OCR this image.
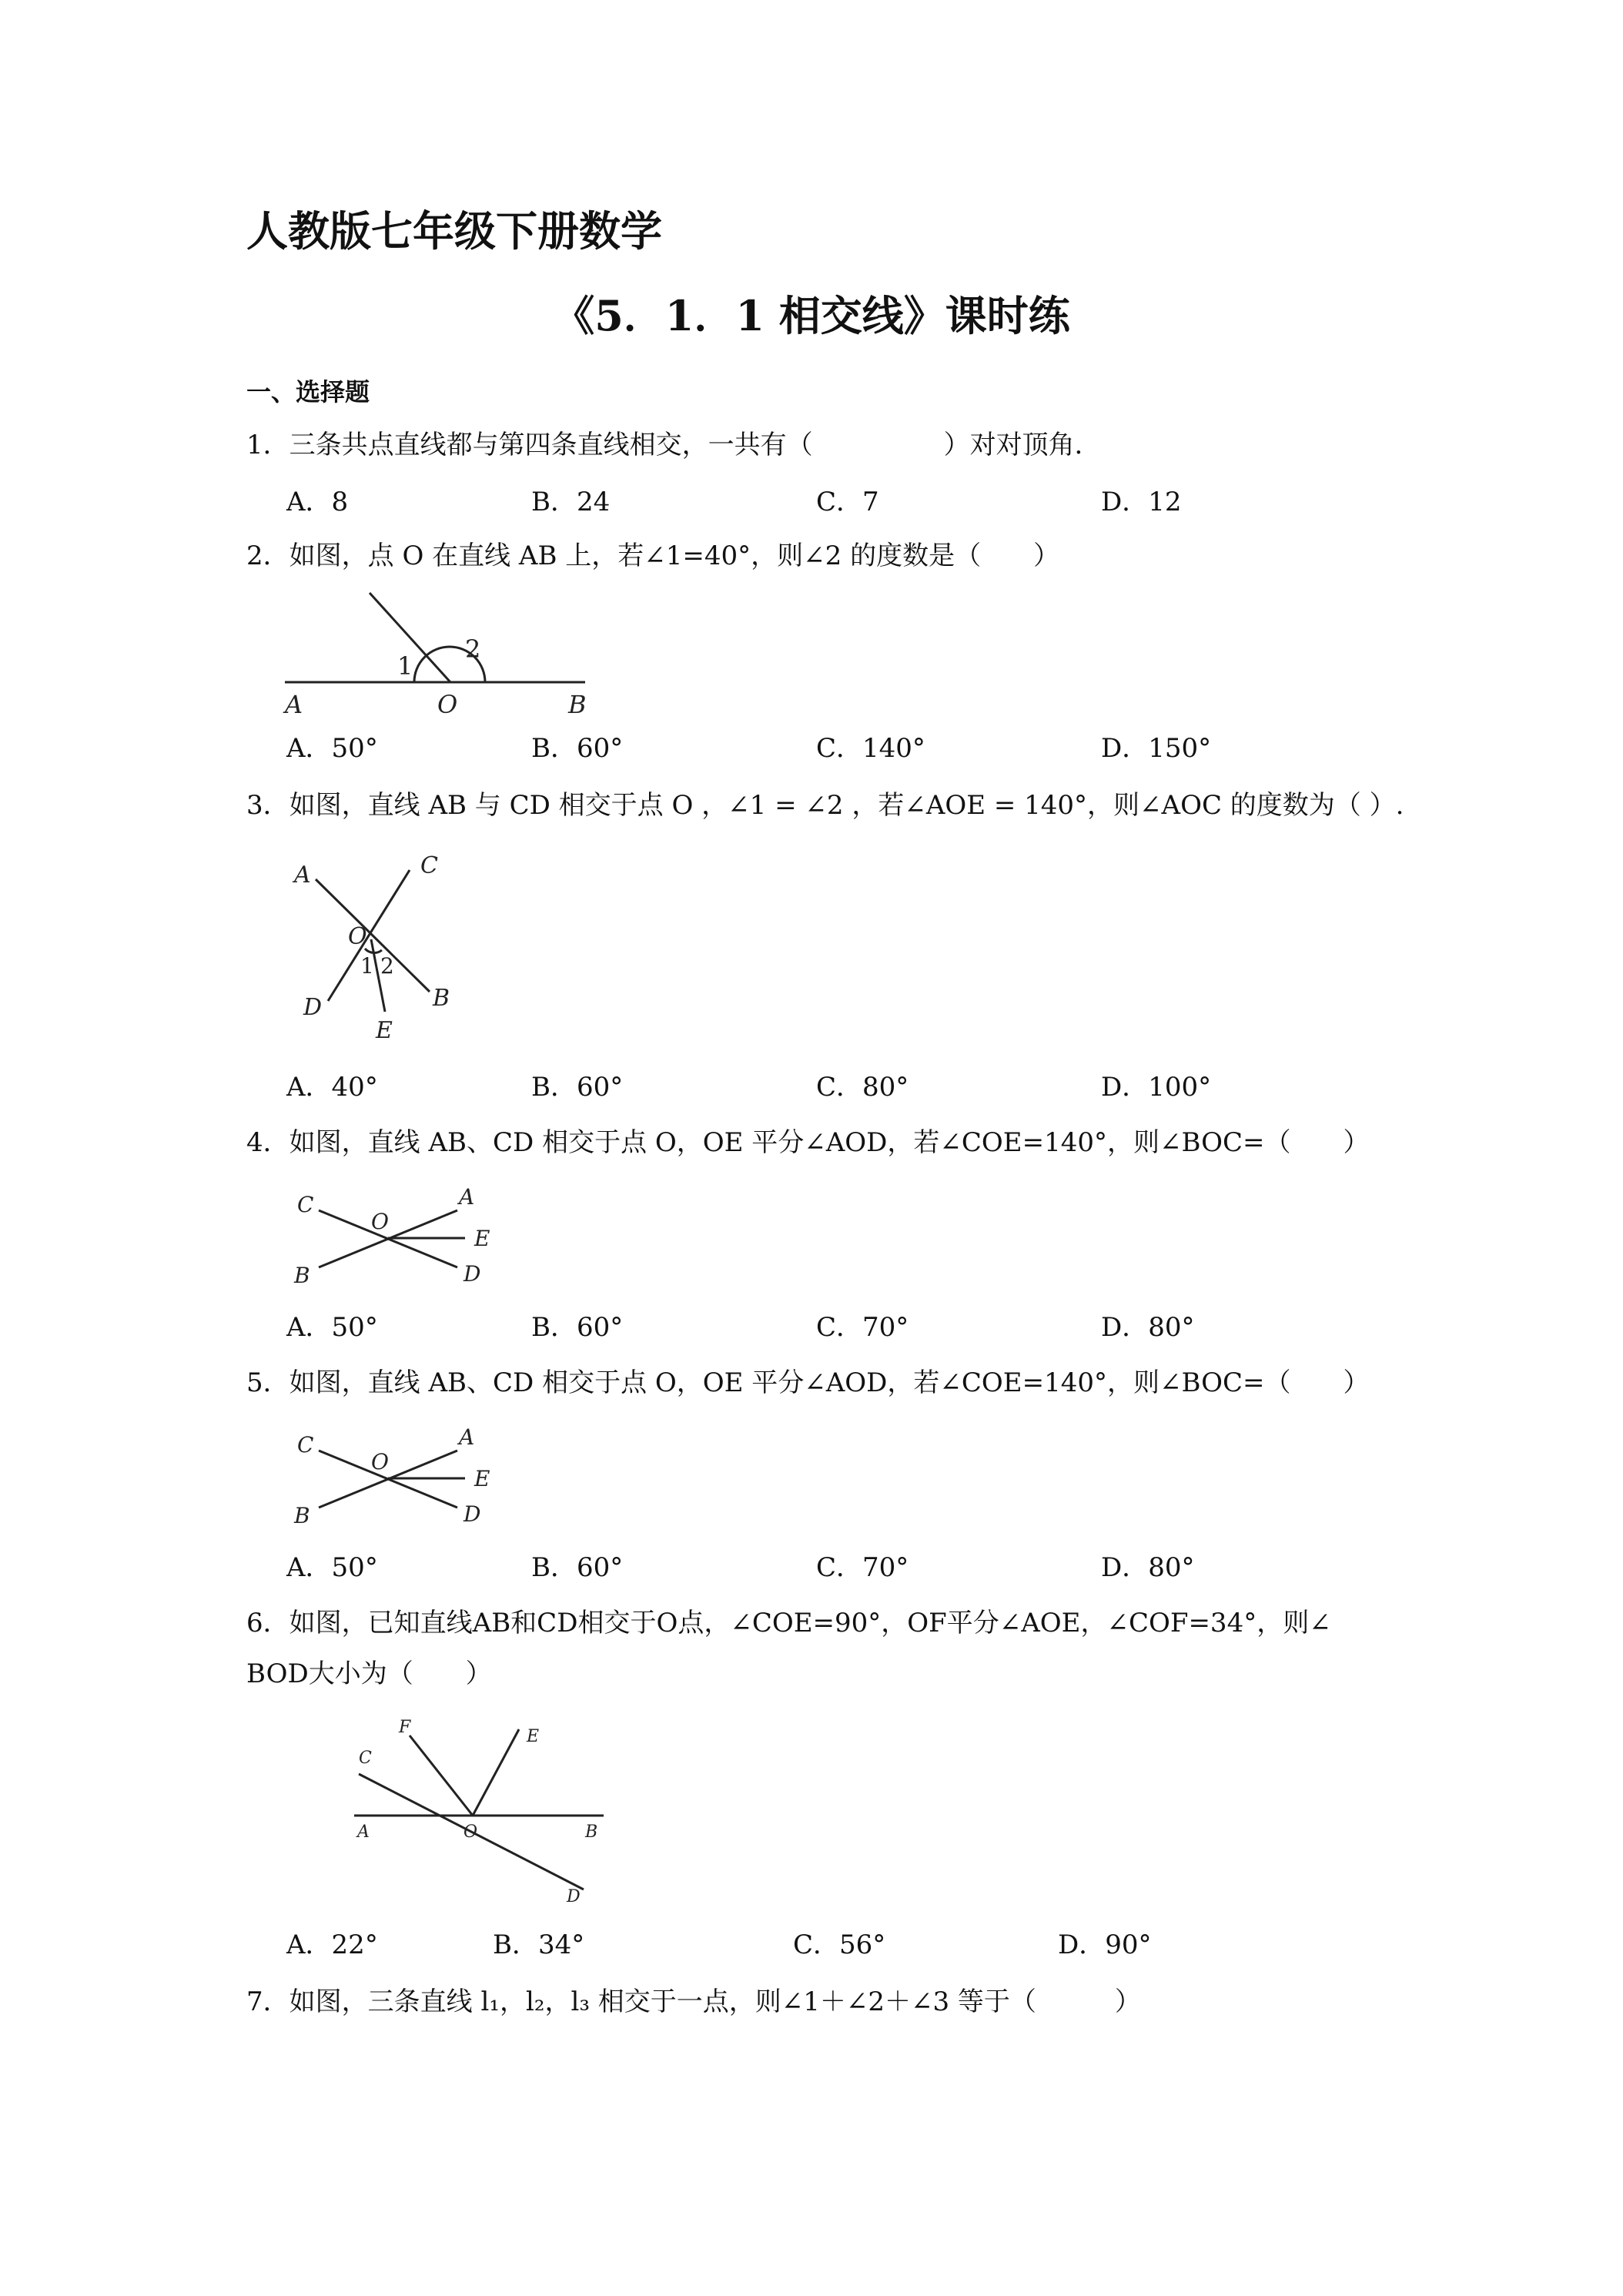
人教版七年级下册数学
《5．1．1 相交线》课时练
一、选择题
1．三条共点直线都与第四条直线相交，一共有（　　　　　）对对顶角．
A．8	B．24	C．7	D．12
2．如图，点 O 在直线 AB 上，若∠1=40°，则∠2 的度数是（　　）
A	O	B
1
2
A．50°	B．60°	C．140°	D．150°
3．如图，直线 AB 与 CD 相交于点 O ，∠1 = ∠2 ，若∠AOE = 140°，则∠AOC 的度数为（ ）.
A	C
O
1 2
D
E
B
A．40°	B．60°	C．80°	D．100°
4．如图，直线 AB、CD 相交于点 O，OE 平分∠AOD，若∠COE=140°，则∠BOC=（　　）
C
O
A
E
B	D
A．50°	B．60°	C．70°	D．80°
5．如图，直线 AB、CD 相交于点 O，OE 平分∠AOD，若∠COE=140°，则∠BOC=（　　）
C
O
A
E
B	D
A．50°	B．60°	C．70°	D．80°
6．如图，已知直线AB和CD相交于O点，∠COE=90°，OF平分∠AOE，∠COF=34°，则∠
BOD大小为（　　）
F	E
C
A	O	B
D
A．22°	B．34°	C．56°	D．90°
7．如图，三条直线 l₁，l₂，l₃ 相交于一点，则∠1＋∠2＋∠3 等于（　　　）
